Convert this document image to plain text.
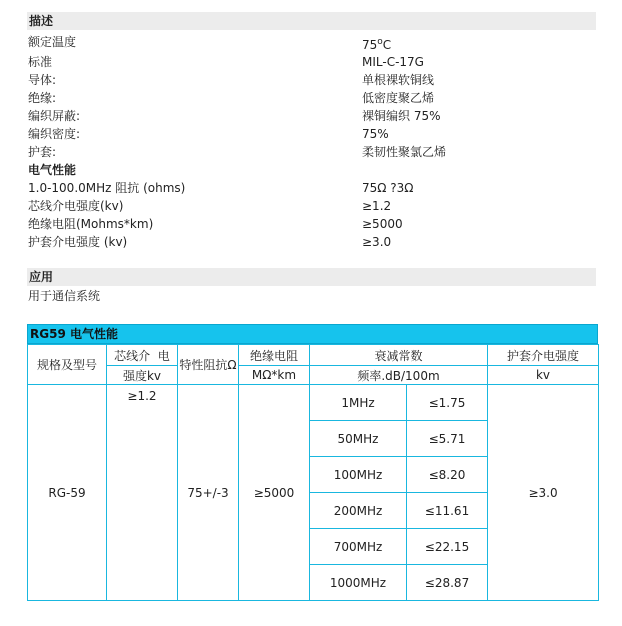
描述
额定温度	75$^o$C
标准	MIL-C-17G
导体:	单根裸软铜线
绝缘:	低密度聚乙烯
编织屏蔽:	裸铜编织 75%
编织密度:	75%
护套:	柔韧性聚氯乙烯
电气性能
1.0-100.0MHz 阻抗 (ohms)	75Ω ?3Ω
芯线介电强度(kv)	≥1.2
绝缘电阻(Mohms*km)	≥5000
护套介电强度 (kv)	≥3.0
应用
用于通信系统
RG59 电气性能
规格及型号	芯线介  电	特性阻抗Ω	绝缘电阻	衰减常数		护套介电强度
	强度kv		MΩ*km	频率.dB/100m		kv
RG-59	≥1.2	75+/-3	≥5000	1MHz	≤1.75	≥3.0
				50MHz	≤5.71	
				100MHz	≤8.20	
				200MHz	≤11.61	
				700MHz	≤22.15	
				1000MHz	≤28.87	
